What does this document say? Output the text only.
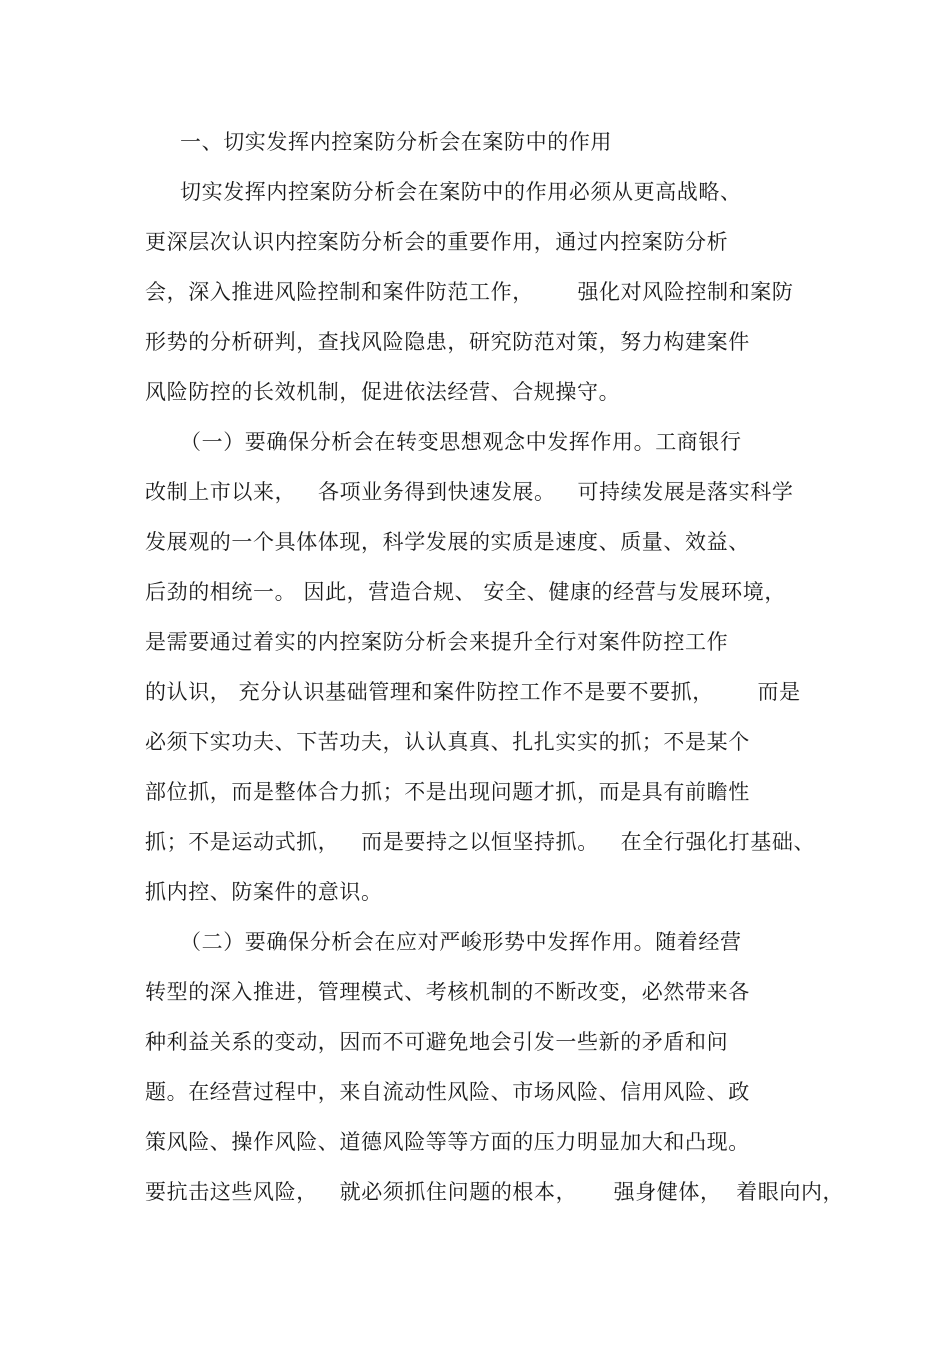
一、切实发挥内控案防分析会在案防中的作用
切实发挥内控案防分析会在案防中的作用必须从更高战略、
更深层次认识内控案防分析会的重要作用，通过内控案防分析
会，深入推进风险控制和案件防范工作，      强化对风险控制和案防
形势的分析研判，查找风险隐患，研究防范对策，努力构建案件
风险防控的长效机制，促进依法经营、合规操守。
（一）要确保分析会在转变思想观念中发挥作用。工商银行
改制上市以来，   各项业务得到快速发展。   可持续发展是落实科学
发展观的一个具体体现，科学发展的实质是速度、质量、效益、
后劲的相统一。 因此，营造合规、 安全、健康的经营与发展环境，
是需要通过着实的内控案防分析会来提升全行对案件防控工作
的认识， 充分认识基础管理和案件防控工作不是要不要抓，      而是
必须下实功夫、下苦功夫，认认真真、扎扎实实的抓；不是某个
部位抓，而是整体合力抓；不是出现问题才抓，而是具有前瞻性
抓；不是运动式抓，   而是要持之以恒坚持抓。   在全行强化打基础、
抓内控、防案件的意识。
（二）要确保分析会在应对严峻形势中发挥作用。随着经营
转型的深入推进，管理模式、考核机制的不断改变，必然带来各
种利益关系的变动，因而不可避免地会引发一些新的矛盾和问
题。在经营过程中，来自流动性风险、市场风险、信用风险、政
策风险、操作风险、道德风险等等方面的压力明显加大和凸现。
要抗击这些风险，   就必须抓住问题的根本，     强身健体，  着眼向内，
